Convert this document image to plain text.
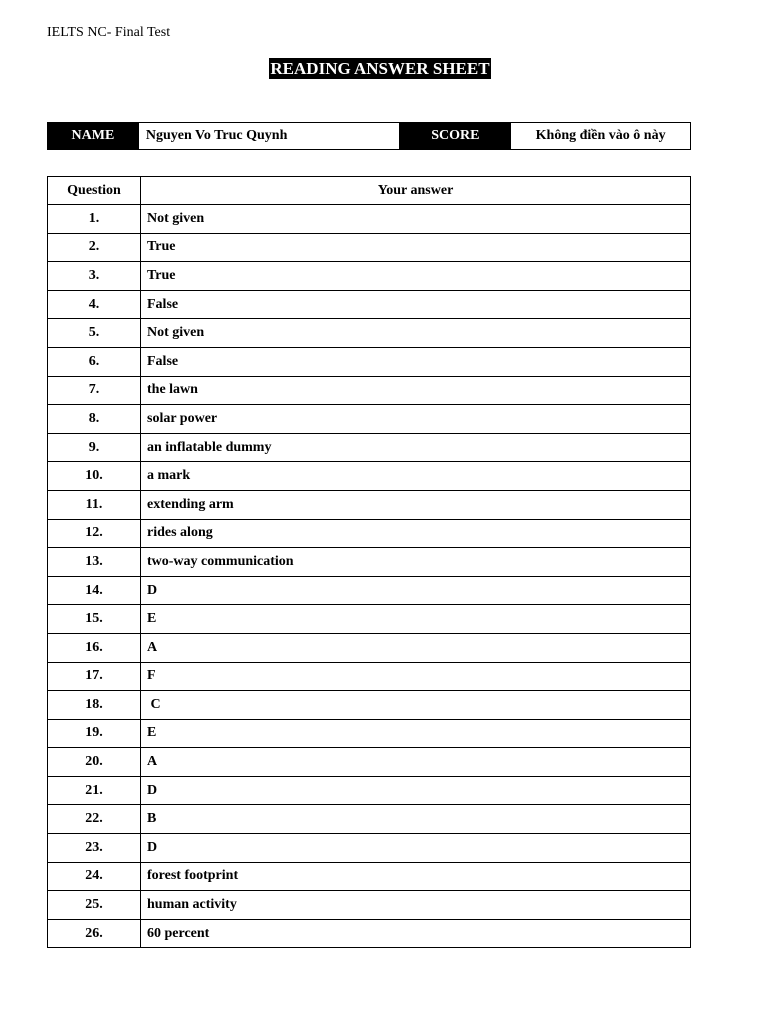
IELTS NC- Final Test
READING ANSWER SHEET
NAME	Nguyen Vo Truc Quynh	SCORE	Không điền vào ô này
Question	Your answer
1.	Not given
2.	True
3.	True
4.	False
5.	Not given
6.	False
7.	the lawn
8.	solar power
9.	an inflatable dummy
10.	a mark
11.	extending arm
12.	rides along
13.	two-way communication
14.	D
15.	E
16.	A
17.	F
18.	C
19.	E
20.	A
21.	D
22.	B
23.	D
24.	forest footprint
25.	human activity
26.	60 percent
